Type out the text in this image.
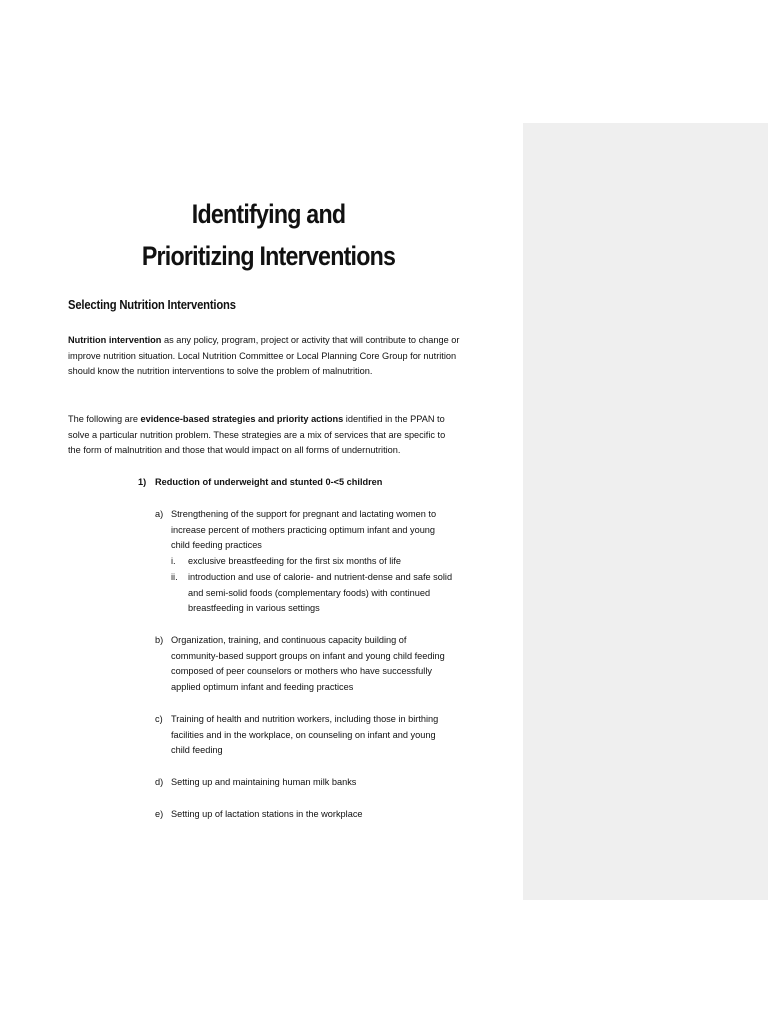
Identifying and
Prioritizing Interventions
Selecting Nutrition Interventions

Nutrition intervention as any policy, program, project or activity that will contribute to change or improve nutrition situation. Local Nutrition Committee or Local Planning Core Group for nutrition should know the nutrition interventions to solve the problem of malnutrition.

The following are evidence-based strategies and priority actions identified in the PPAN to solve a particular nutrition problem. These strategies are a mix of services that are specific to the form of malnutrition and those that would impact on all forms of undernutrition.

1) Reduction of underweight and stunted 0-<5 children
a) Strengthening of the support for pregnant and lactating women to increase percent of mothers practicing optimum infant and young child feeding practices
i. exclusive breastfeeding for the first six months of life
ii. introduction and use of calorie- and nutrient-dense and safe solid and semi-solid foods (complementary foods) with continued breastfeeding in various settings
b) Organization, training, and continuous capacity building of community-based support groups on infant and young child feeding composed of peer counselors or mothers who have successfully applied optimum infant and feeding practices
c) Training of health and nutrition workers, including those in birthing facilities and in the workplace, on counseling on infant and young child feeding
d) Setting up and maintaining human milk banks
e) Setting up of lactation stations in the workplace
